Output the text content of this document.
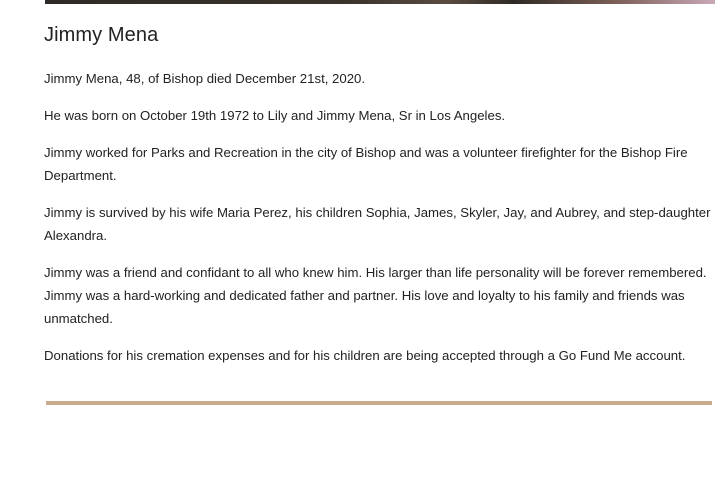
Jimmy Mena

Jimmy Mena, 48, of Bishop died December 21st, 2020.

He was born on October 19th 1972 to Lily and Jimmy Mena, Sr in Los Angeles.

Jimmy worked for Parks and Recreation in the city of Bishop and was a volunteer firefighter for the Bishop Fire Department.

Jimmy is survived by his wife Maria Perez, his children Sophia, James, Skyler, Jay, and Aubrey, and step-daughter Alexandra.

Jimmy was a friend and confidant to all who knew him. His larger than life personality will be forever remembered. Jimmy was a hard-working and dedicated father and partner. His love and loyalty to his family and friends was unmatched.

Donations for his cremation expenses and for his children are being accepted through a Go Fund Me account.
